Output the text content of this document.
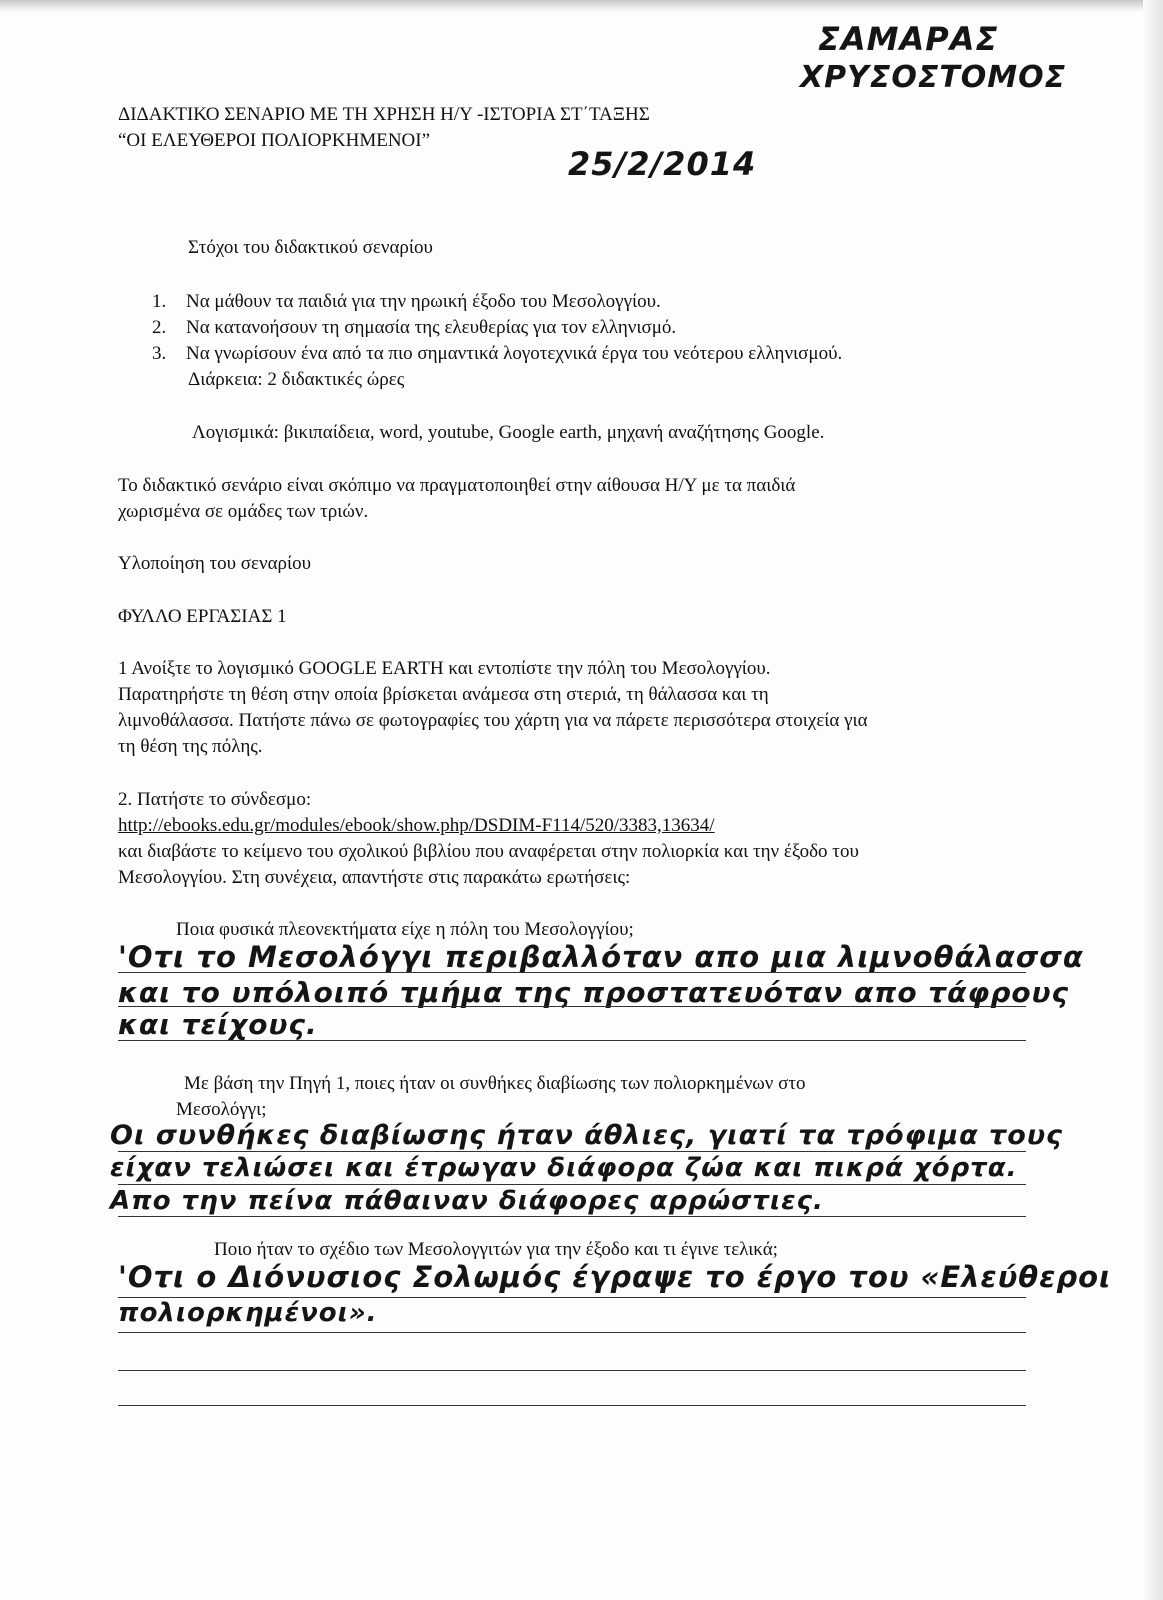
ΣΑΜΑΡΑΣ
ΧΡΥΣΟΣΤΟΜΟΣ
25/2/2014

ΔΙΔΑΚΤΙΚΟ ΣΕΝΑΡΙΟ ΜΕ ΤΗ ΧΡΗΣΗ Η/Υ -ΙΣΤΟΡΙΑ ΣΤ΄ΤΑΞΗΣ

“ΟΙ ΕΛΕΥΘΕΡΟΙ ΠΟΛΙΟΡΚΗΜΕΝΟΙ”

Στόχοι του διδακτικού σεναρίου

1. Να μάθουν τα παιδιά για την ηρωική έξοδο του Μεσολογγίου.
2. Να κατανοήσουν τη σημασία της ελευθερίας για τον ελληνισμό.
3. Να γνωρίσουν ένα από τα πιο σημαντικά λογοτεχνικά έργα του νεότερου ελληνισμού.

Διάρκεια: 2 διδακτικές ώρες

Λογισμικά: βικιπαίδεια, word, youtube, Google earth, μηχανή αναζήτησης Google.

Το διδακτικό σενάριο είναι σκόπιμο να πραγματοποιηθεί στην αίθουσα Η/Υ με τα παιδιά

χωρισμένα σε ομάδες των τριών.

Υλοποίηση του σεναρίου

ΦΥΛΛΟ ΕΡΓΑΣΙΑΣ 1

1 Ανοίξτε το λογισμικό GOOGLE EARTH και εντοπίστε την πόλη του Μεσολογγίου.

Παρατηρήστε τη θέση στην οποία βρίσκεται ανάμεσα στη στεριά, τη θάλασσα και τη

λιμνοθάλασσα. Πατήστε πάνω σε φωτογραφίες του χάρτη για να πάρετε περισσότερα στοιχεία για

τη θέση της πόλης.

2. Πατήστε το σύνδεσμο:

http://ebooks.edu.gr/modules/ebook/show.php/DSDIM-F114/520/3383,13634/

και διαβάστε το κείμενο του σχολικού βιβλίου που αναφέρεται στην πολιορκία και την έξοδο του

Μεσολογγίου. Στη συνέχεια, απαντήστε στις παρακάτω ερωτήσεις:

Ποια φυσικά πλεονεκτήματα είχε η πόλη του Μεσολογγίου;

'Οτι το Μεσολόγγι περιβαλλόταν απο μια λιμνοθάλασσα
και το υπόλοιπό τμήμα της προστατευόταν απο τάφρους
και τείχους.

Με βάση την Πηγή 1, ποιες ήταν οι συνθήκες διαβίωσης των πολιορκημένων στο

Μεσολόγγι;

Οι συνθήκες διαβίωσης ήταν άθλιες, γιατί τα τρόφιμα τους
είχαν τελιώσει και έτρωγαν διάφορα ζώα και πικρά χόρτα.
Απο την πείνα πάθαιναν διάφορες αρρώστιες.

Ποιο ήταν το σχέδιο των Μεσολογγιτών για την έξοδο και τι έγινε τελικά;

'Οτι ο Διόνυσιος Σολωμός έγραψε το έργο του «Ελεύθεροι
πολιορκημένοι».
